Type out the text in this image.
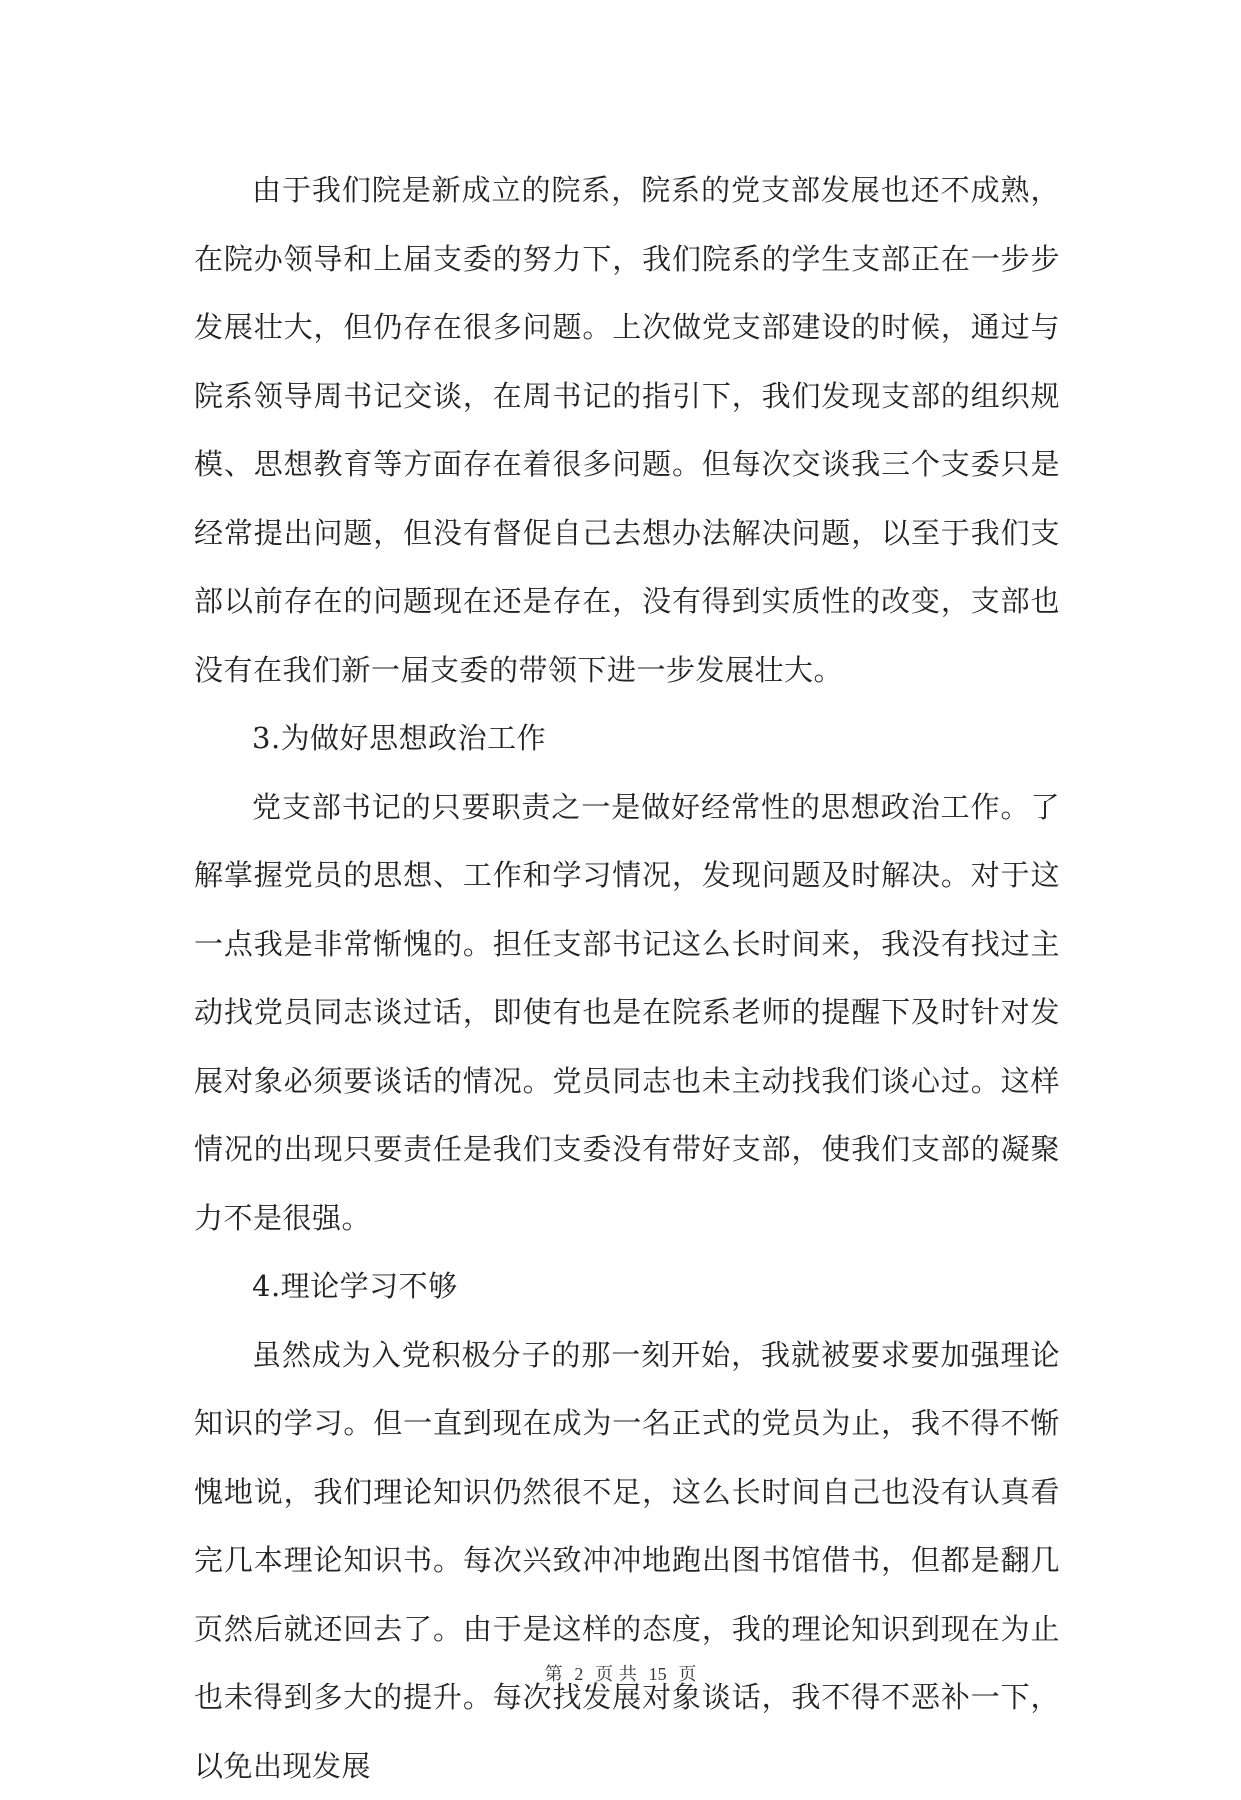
由于我们院是新成立的院系，院系的党支部发展也还不成熟，在院办领导和上届支委的努力下，我们院系的学生支部正在一步步发展壮大，但仍存在很多问题。上次做党支部建设的时候，通过与院系领导周书记交谈，在周书记的指引下，我们发现支部的组织规模、思想教育等方面存在着很多问题。但每次交谈我三个支委只是经常提出问题，但没有督促自己去想办法解决问题，以至于我们支部以前存在的问题现在还是存在，没有得到实质性的改变，支部也没有在我们新一届支委的带领下进一步发展壮大。

3.为做好思想政治工作

党支部书记的只要职责之一是做好经常性的思想政治工作。了解掌握党员的思想、工作和学习情况，发现问题及时解决。对于这一点我是非常惭愧的。担任支部书记这么长时间来，我没有找过主动找党员同志谈过话，即使有也是在院系老师的提醒下及时针对发展对象必须要谈话的情况。党员同志也未主动找我们谈心过。这样情况的出现只要责任是我们支委没有带好支部，使我们支部的凝聚力不是很强。

4.理论学习不够

虽然成为入党积极分子的那一刻开始，我就被要求要加强理论知识的学习。但一直到现在成为一名正式的党员为止，我不得不惭愧地说，我们理论知识仍然很不足，这么长时间自己也没有认真看完几本理论知识书。每次兴致冲冲地跑出图书馆借书，但都是翻几页然后就还回去了。由于是这样的态度，我的理论知识到现在为止也未得到多大的提升。每次找发展对象谈话，我不得不恶补一下，以免出现发展

第 2 页 共 15 页
